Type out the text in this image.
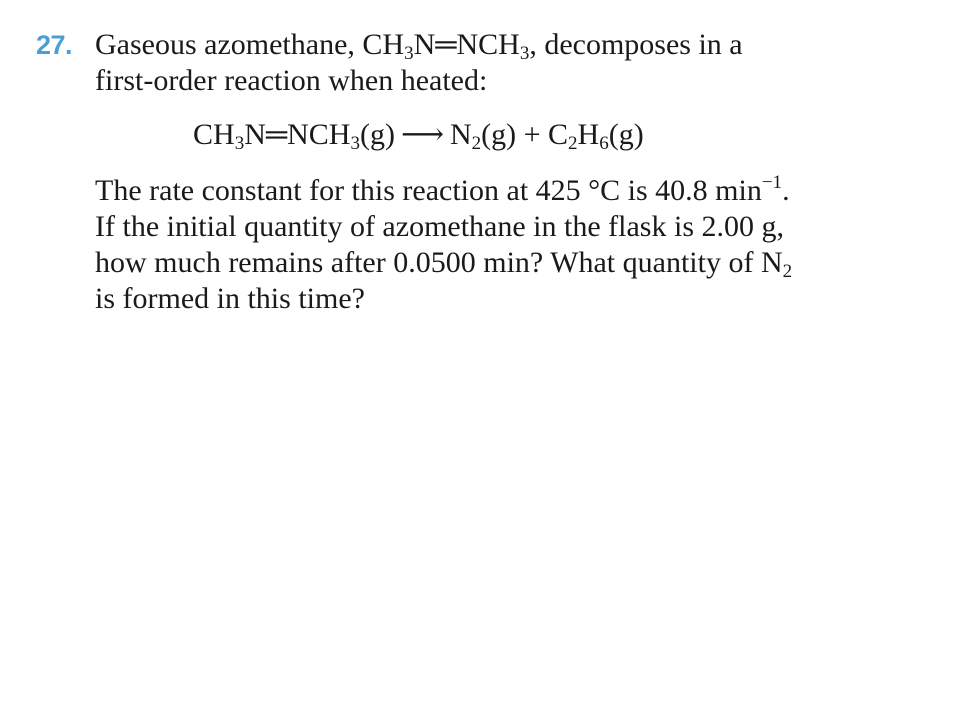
27. Gaseous azomethane, CH3N═NCH3, decomposes in a
first-order reaction when heated:
CH3N═NCH3(g) ⟶ N2(g) + C2H6(g)
The rate constant for this reaction at 425 °C is 40.8 $\min^{-1}$.
If the initial quantity of azomethane in the flask is 2.00 g,
how much remains after 0.0500 min? What quantity of N2
is formed in this time?
